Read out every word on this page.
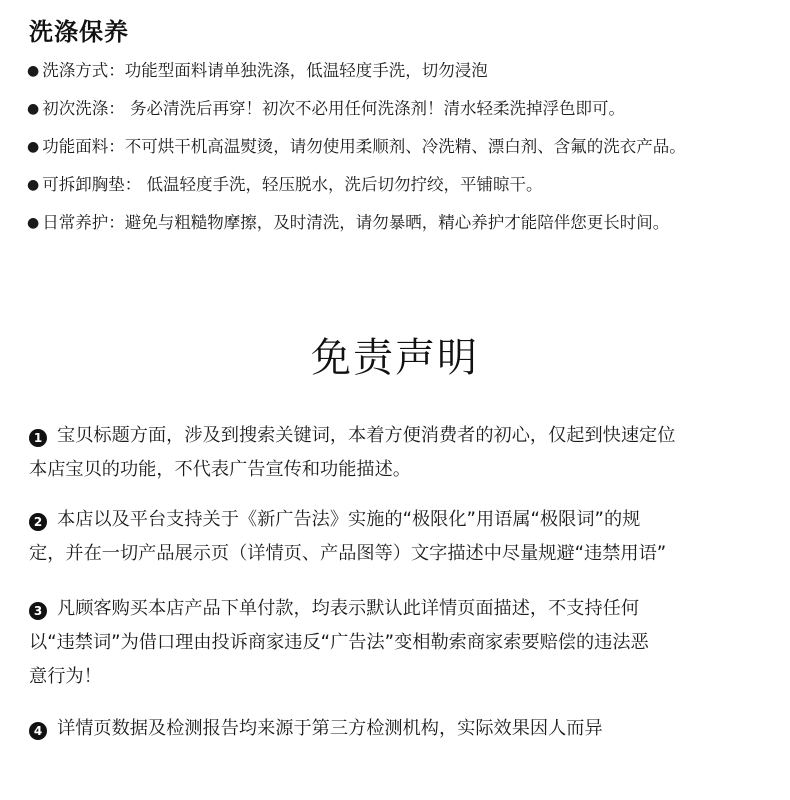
洗涤保养
● 洗涤方式：功能型面料请单独洗涤，低温轻度手洗，切勿浸泡
● 初次洗涤： 务必清洗后再穿！初次不必用任何洗涤剂！清水轻柔洗掉浮色即可。
● 功能面料：不可烘干机高温熨烫，请勿使用柔顺剂、冷洗精、漂白剂、含氟的洗衣产品。
● 可拆卸胸垫： 低温轻度手洗，轻压脱水，洗后切勿拧绞，平铺晾干。
● 日常养护：避免与粗糙物摩擦，及时清洗，请勿暴晒，精心养护才能陪伴您更长时间。
免责声明
1 宝贝标题方面，涉及到搜索关键词，本着方便消费者的初心，仅起到快速定位
本店宝贝的功能，不代表广告宣传和功能描述。
2 本店以及平台支持关于《新广告法》实施的“极限化”用语属“极限词”的规
定，并在一切产品展示页（详情页、产品图等）文字描述中尽量规避“违禁用语”
3 凡顾客购买本店产品下单付款，均表示默认此详情页面描述，不支持任何
以“违禁词”为借口理由投诉商家违反“广告法”变相勒索商家索要赔偿的违法恶
意行为！
4 详情页数据及检测报告均来源于第三方检测机构，实际效果因人而异
